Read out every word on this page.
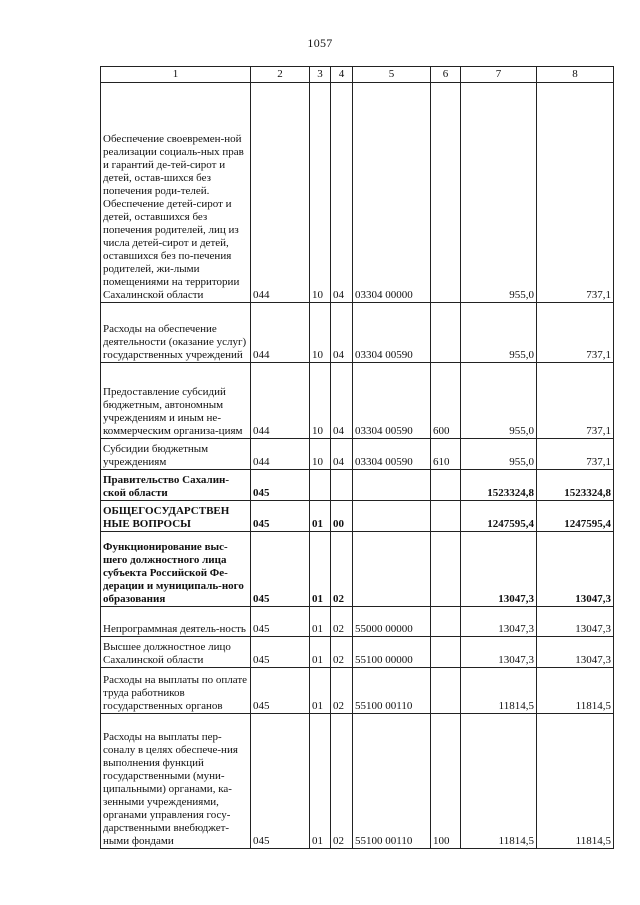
1057
1	2	3	4	5	6	7	8
Обеспечение своевремен-ной реализации социаль-ных прав и гарантий де-тей-сирот и детей, остав-шихся без попечения роди-телей. Обеспечение детей-сирот и детей, оставшихся без попечения родителей, лиц из числа детей-сирот и детей, оставшихся без по-печения родителей, жи-лыми помещениями на территории Сахалинской области	044	10	04	03304 00000		955,0	737,1
Расходы на обеспечение деятельности (оказание услуг) государственных учреждений	044	10	04	03304 00590		955,0	737,1
Предоставление субсидий бюджетным, автономным учреждениям и иным не-коммерческим организа-циям	044	10	04	03304 00590	600	955,0	737,1
Субсидии бюджетным учреждениям	044	10	04	03304 00590	610	955,0	737,1
Правительство Сахалин-ской области	045					1523324,8	1523324,8
ОБЩЕГОСУДАРСТВЕН НЫЕ ВОПРОСЫ	045	01	00			1247595,4	1247595,4
Функционирование выс-шего должностного лица субъекта Российской Фе-дерации и муниципаль-ного образования	045	01	02			13047,3	13047,3
Непрограммная деятель-ность	045	01	02	55000 00000		13047,3	13047,3
Высшее должностное лицо Сахалинской области	045	01	02	55100 00000		13047,3	13047,3
Расходы на выплаты по оплате труда работников государственных органов	045	01	02	55100 00110		11814,5	11814,5
Расходы на выплаты пер-соналу в целях обеспече-ния выполнения функций государственными (муни-ципальными) органами, ка-зенными учреждениями, органами управления госу-дарственными внебюджет-ными фондами	045	01	02	55100 00110	100	11814,5	11814,5
